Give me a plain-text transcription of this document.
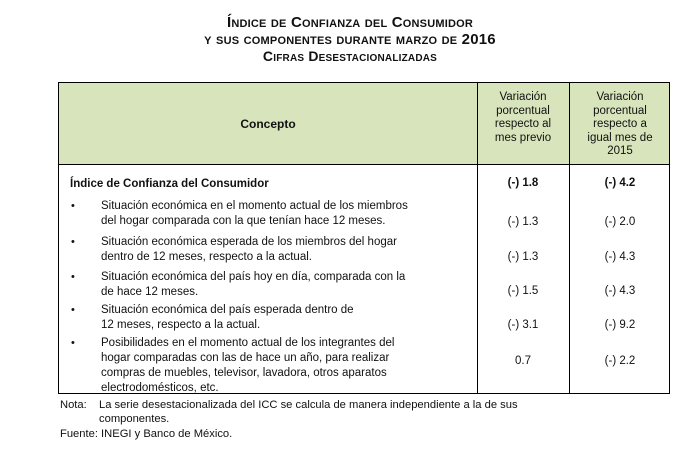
Índice de Confianza del Consumidor
y sus componentes durante marzo de 2016
Cifras Desestacionalizadas
Concepto
Variación
porcentual
respecto al
mes previo
Variación
porcentual
respecto a
igual mes de
2015
Índice de Confianza del Consumidor	(-) 1.8	(-) 4.2
•	Situación económica en el momento actual de los miembros
del hogar comparada con la que tenían hace 12 meses.	(-) 1.3	(-) 2.0
•	Situación económica esperada de los miembros del hogar
dentro de 12 meses, respecto a la actual.	(-) 1.3	(-) 4.3
•	Situación económica del país hoy en día, comparada con la
de hace 12 meses.	(-) 1.5	(-) 4.3
•	Situación económica del país esperada dentro de
12 meses, respecto a la actual.	(-) 3.1	(-) 9.2
•	Posibilidades en el momento actual de los integrantes del
hogar comparadas con las de hace un año, para realizar
compras de muebles, televisor, lavadora, otros aparatos
electrodomésticos, etc.
0.7	(-) 2.2
Nota: La serie desestacionalizada del ICC se calcula de manera independiente a la de sus
componentes.
Fuente: INEGI y Banco de México.
